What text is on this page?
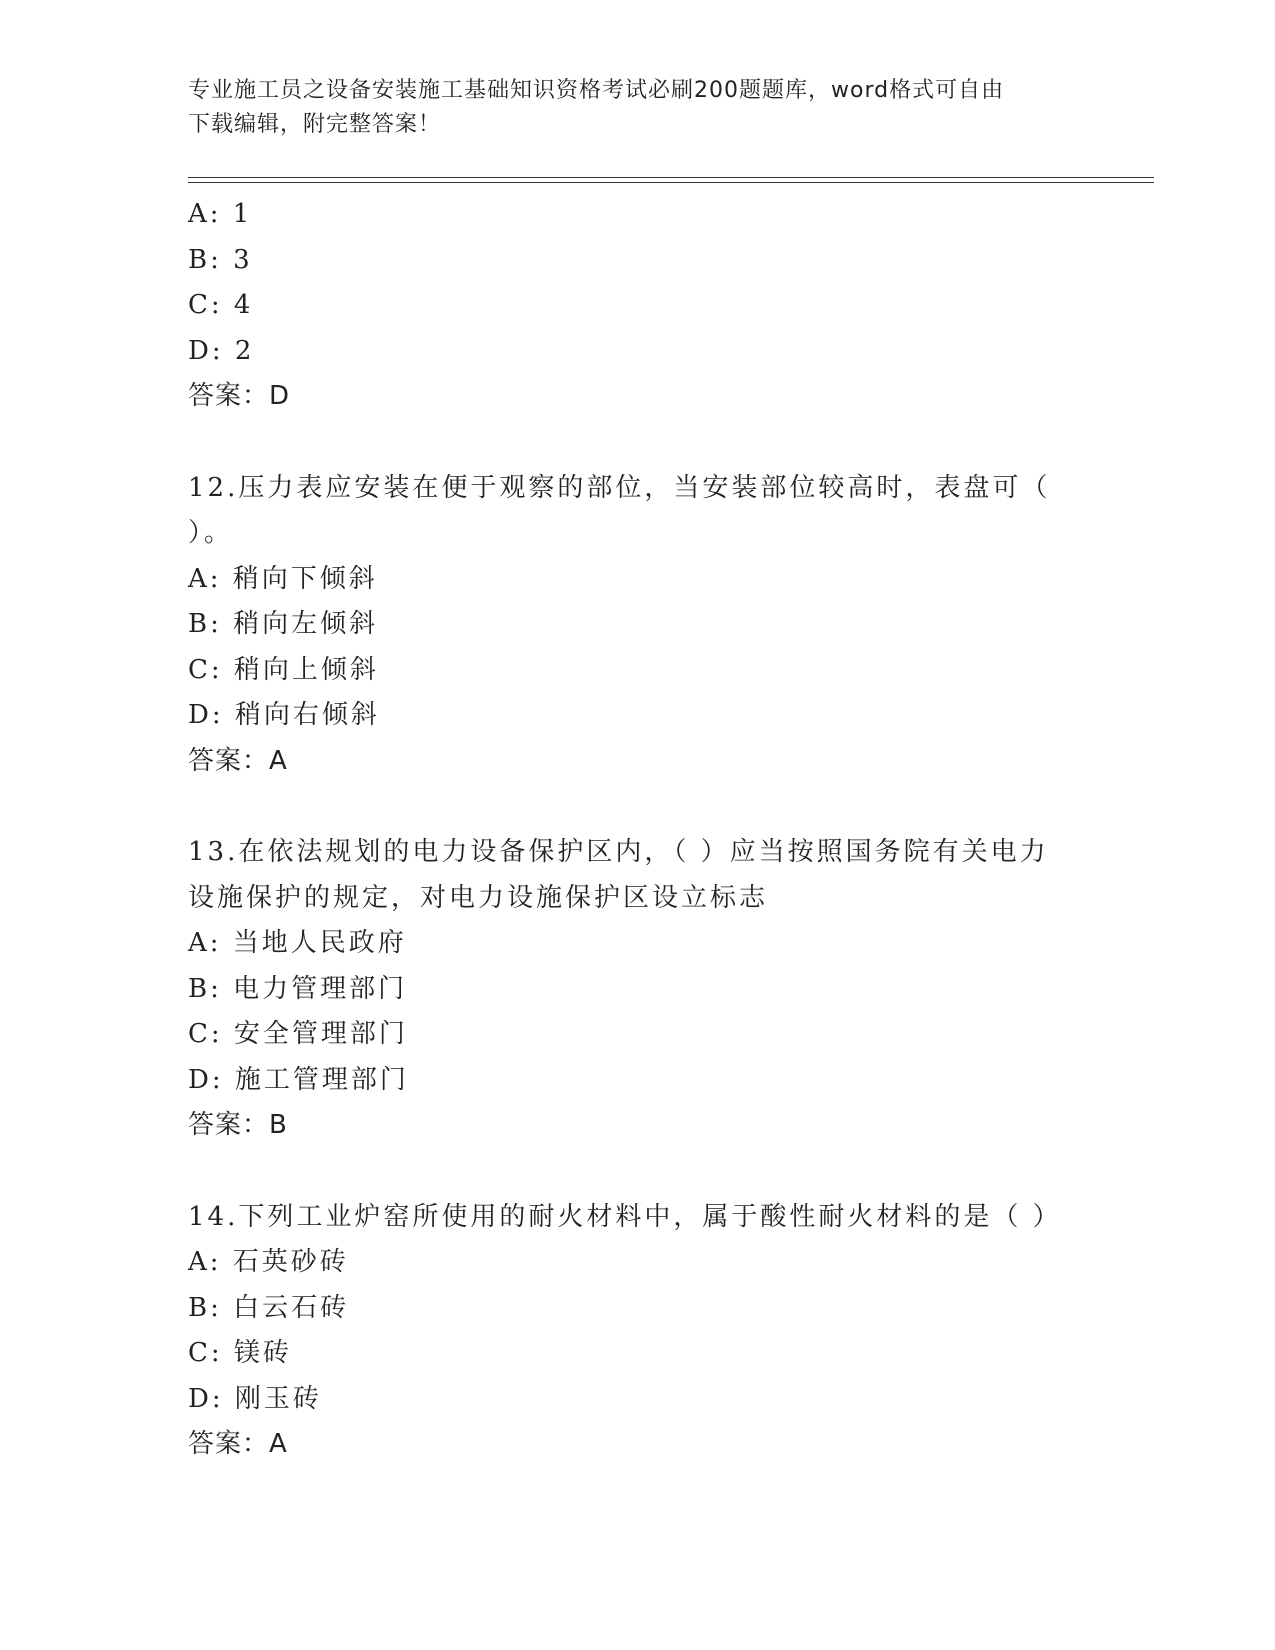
专业施工员之设备安装施工基础知识资格考试必刷200题题库，word格式可自由
下载编辑，附完整答案！
A: 1
B: 3
C: 4
D: 2
答案：D
12.压力表应安装在便于观察的部位，当安装部位较高时，表盘可（
）。
A: 稍向下倾斜
B: 稍向左倾斜
C: 稍向上倾斜
D: 稍向右倾斜
答案：A
13.在依法规划的电力设备保护区内，（ ）应当按照国务院有关电力
设施保护的规定，对电力设施保护区设立标志
A: 当地人民政府
B: 电力管理部门
C: 安全管理部门
D: 施工管理部门
答案：B
14.下列工业炉窑所使用的耐火材料中，属于酸性耐火材料的是（ ）
A: 石英砂砖
B: 白云石砖
C: 镁砖
D: 刚玉砖
答案：A
